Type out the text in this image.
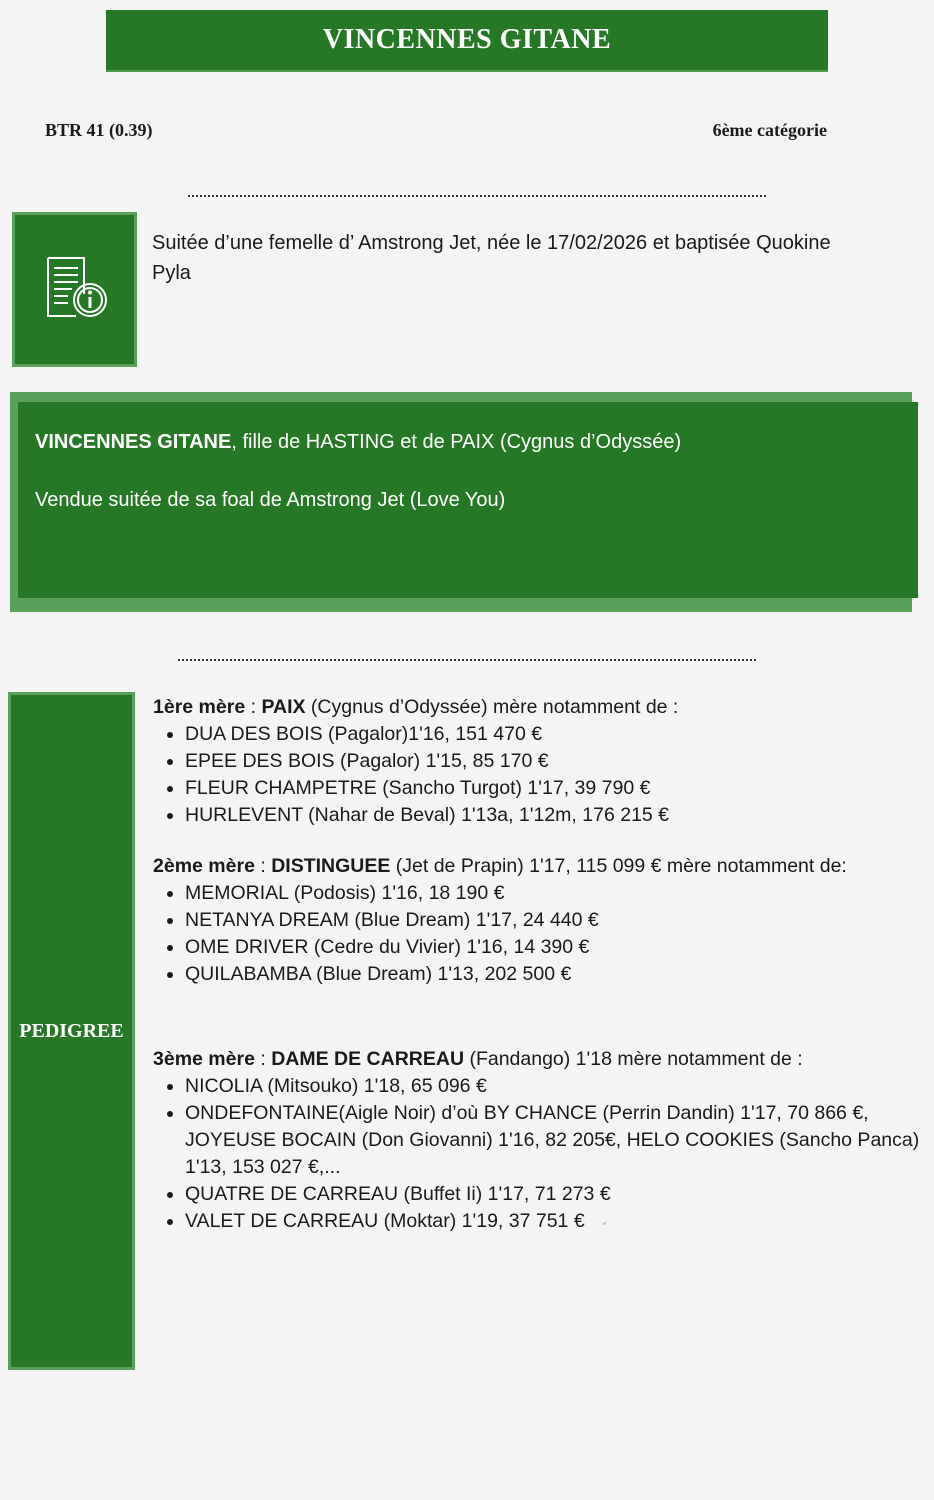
VINCENNES GITANE
BTR 41 (0.39)	6ème catégorie
Suitée d’une femelle d’ Amstrong Jet, née le 17/02/2026 et baptisée Quokine Pyla

VINCENNES GITANE, fille de HASTING et de PAIX (Cygnus d’Odyssée)

Vendue suitée de sa foal de Amstrong Jet (Love You)

PEDIGREE

1ère mère : PAIX (Cygnus d’Odyssée) mère notamment de :

• DUA DES BOIS (Pagalor)1'16, 151 470 €
• EPEE DES BOIS (Pagalor) 1'15, 85 170 €
• FLEUR CHAMPETRE (Sancho Turgot) 1'17, 39 790 €
• HURLEVENT (Nahar de Beval) 1'13a, 1'12m, 176 215 €

2ème mère : DISTINGUEE (Jet de Prapin) 1'17, 115 099 € mère notamment de:

• MEMORIAL (Podosis) 1'16, 18 190 €
• NETANYA DREAM (Blue Dream) 1'17, 24 440 €
• OME DRIVER (Cedre du Vivier) 1'16, 14 390 €
• QUILABAMBA (Blue Dream) 1'13, 202 500 €

3ème mère : DAME DE CARREAU (Fandango) 1'18 mère notamment de :

• NICOLIA (Mitsouko) 1'18, 65 096 €
• ONDEFONTAINE(Aigle Noir) d’où BY CHANCE (Perrin Dandin) 1'17, 70 866 €, JOYEUSE BOCAIN (Don Giovanni) 1'16, 82 205€, HELO COOKIES (Sancho Panca) 1'13, 153 027 €,...
• QUATRE DE CARREAU (Buffet Ii) 1'17, 71 273 €
• VALET DE CARREAU (Moktar) 1'19, 37 751 €
